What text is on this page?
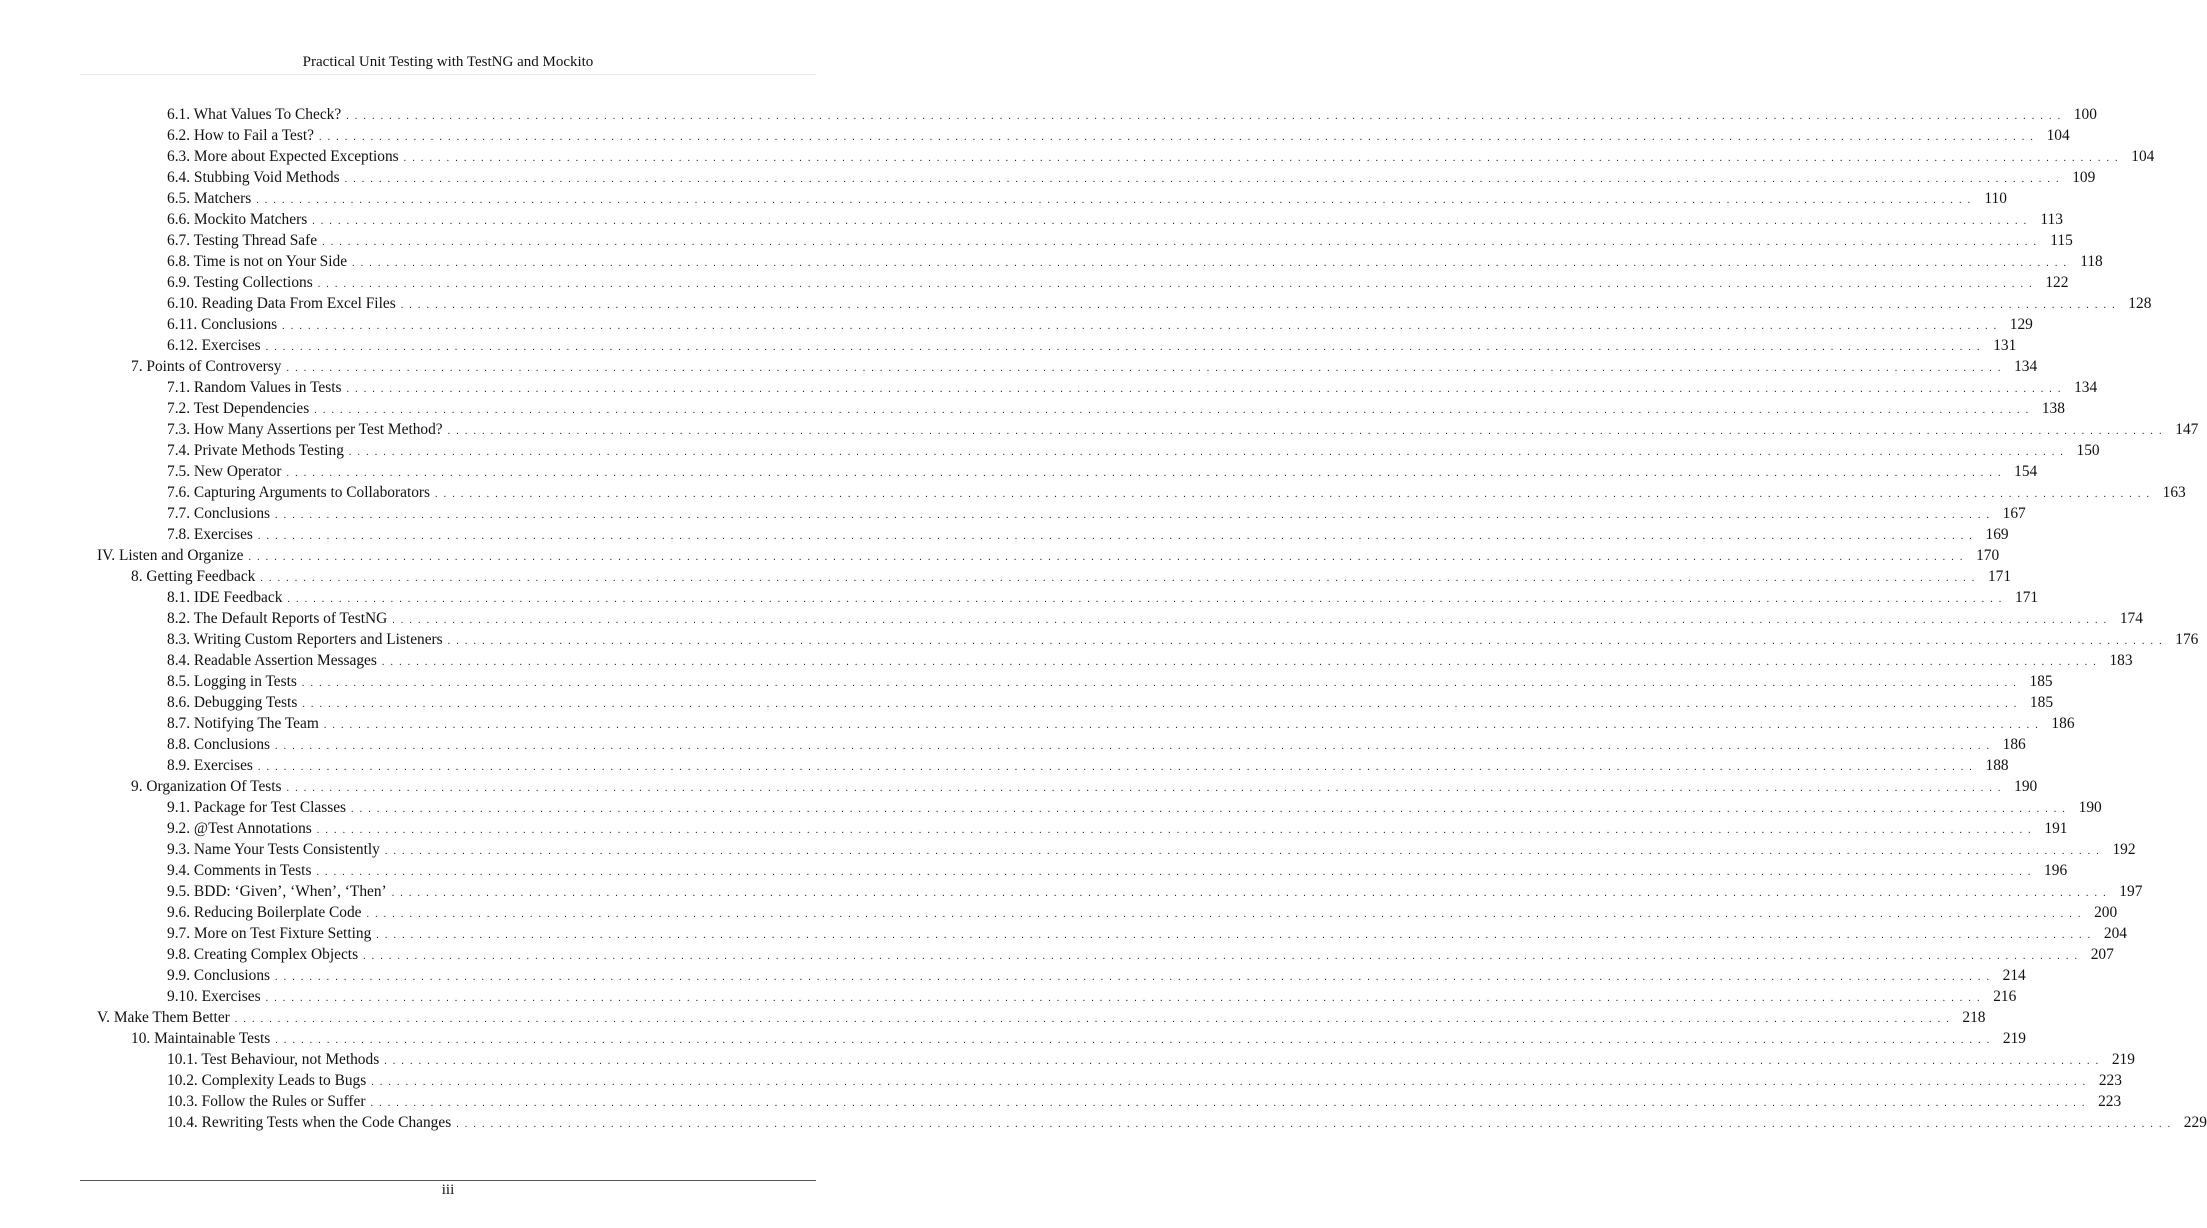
Practical Unit Testing with TestNG and Mockito
6.1. What Values To Check? . . . . . . . . . . . . . . . . . . . . . . . . . . . . . . . . . . . . . . . . . . . . . . . . . . . . . . . . . . . . . . . . . . . . . . . . . . . . . . . . . . . . . . . . . . . . . . . . . . . . . . . . . . . . . . . . . . . . . . . . . . . . . . . . . . . . . . . . . . . . . . . . . . . . . . . . . . . . . . . . . . . . . . . . . . . . . . . . . . . . . . . . . . . . . . . . . . . . . . . . 100
6.2. How to Fail a Test? . . . . . . . . . . . . . . . . . . . . . . . . . . . . . . . . . . . . . . . . . . . . . . . . . . . . . . . . . . . . . . . . . . . . . . . . . . . . . . . . . . . . . . . . . . . . . . . . . . . . . . . . . . . . . . . . . . . . . . . . . . . . . . . . . . . . . . . . . . . . . . . . . . . . . . . . . . . . . . . . . . . . . . . . . . . . . . . . . . . . . . . . . . . . . . . . . . . . . . . . 104
6.3. More about Expected Exceptions . . . . . . . . . . . . . . . . . . . . . . . . . . . . . . . . . . . . . . . . . . . . . . . . . . . . . . . . . . . . . . . . . . . . . . . . . . . . . . . . . . . . . . . . . . . . . . . . . . . . . . . . . . . . . . . . . . . . . . . . . . . . . . . . . . . . . . . . . . . . . . . . . . . . . . . . . . . . . . . . . . . . . . . . . . . . . . . . . . . . . . . . . . . . . . . . . . . . . . . . 104
6.4. Stubbing Void Methods . . . . . . . . . . . . . . . . . . . . . . . . . . . . . . . . . . . . . . . . . . . . . . . . . . . . . . . . . . . . . . . . . . . . . . . . . . . . . . . . . . . . . . . . . . . . . . . . . . . . . . . . . . . . . . . . . . . . . . . . . . . . . . . . . . . . . . . . . . . . . . . . . . . . . . . . . . . . . . . . . . . . . . . . . . . . . . . . . . . . . . . . . . . . . . . . . . . . . . . . 109
6.5. Matchers . . . . . . . . . . . . . . . . . . . . . . . . . . . . . . . . . . . . . . . . . . . . . . . . . . . . . . . . . . . . . . . . . . . . . . . . . . . . . . . . . . . . . . . . . . . . . . . . . . . . . . . . . . . . . . . . . . . . . . . . . . . . . . . . . . . . . . . . . . . . . . . . . . . . . . . . . . . . . . . . . . . . . . . . . . . . . . . . . . . . . . . . . . . . . . . . . . . . . . . . 110
6.6. Mockito Matchers . . . . . . . . . . . . . . . . . . . . . . . . . . . . . . . . . . . . . . . . . . . . . . . . . . . . . . . . . . . . . . . . . . . . . . . . . . . . . . . . . . . . . . . . . . . . . . . . . . . . . . . . . . . . . . . . . . . . . . . . . . . . . . . . . . . . . . . . . . . . . . . . . . . . . . . . . . . . . . . . . . . . . . . . . . . . . . . . . . . . . . . . . . . . . . . . . . . . . . . . 113
6.7. Testing Thread Safe . . . . . . . . . . . . . . . . . . . . . . . . . . . . . . . . . . . . . . . . . . . . . . . . . . . . . . . . . . . . . . . . . . . . . . . . . . . . . . . . . . . . . . . . . . . . . . . . . . . . . . . . . . . . . . . . . . . . . . . . . . . . . . . . . . . . . . . . . . . . . . . . . . . . . . . . . . . . . . . . . . . . . . . . . . . . . . . . . . . . . . . . . . . . . . . . . . . . . . . . 115
6.8. Time is not on Your Side . . . . . . . . . . . . . . . . . . . . . . . . . . . . . . . . . . . . . . . . . . . . . . . . . . . . . . . . . . . . . . . . . . . . . . . . . . . . . . . . . . . . . . . . . . . . . . . . . . . . . . . . . . . . . . . . . . . . . . . . . . . . . . . . . . . . . . . . . . . . . . . . . . . . . . . . . . . . . . . . . . . . . . . . . . . . . . . . . . . . . . . . . . . . . . . . . . . . . . . . 118
6.9. Testing Collections . . . . . . . . . . . . . . . . . . . . . . . . . . . . . . . . . . . . . . . . . . . . . . . . . . . . . . . . . . . . . . . . . . . . . . . . . . . . . . . . . . . . . . . . . . . . . . . . . . . . . . . . . . . . . . . . . . . . . . . . . . . . . . . . . . . . . . . . . . . . . . . . . . . . . . . . . . . . . . . . . . . . . . . . . . . . . . . . . . . . . . . . . . . . . . . . . . . . . . . . 122
6.10. Reading Data From Excel Files . . . . . . . . . . . . . . . . . . . . . . . . . . . . . . . . . . . . . . . . . . . . . . . . . . . . . . . . . . . . . . . . . . . . . . . . . . . . . . . . . . . . . . . . . . . . . . . . . . . . . . . . . . . . . . . . . . . . . . . . . . . . . . . . . . . . . . . . . . . . . . . . . . . . . . . . . . . . . . . . . . . . . . . . . . . . . . . . . . . . . . . . . . . . . . . . . . . . . . . . 128
6.11. Conclusions . . . . . . . . . . . . . . . . . . . . . . . . . . . . . . . . . . . . . . . . . . . . . . . . . . . . . . . . . . . . . . . . . . . . . . . . . . . . . . . . . . . . . . . . . . . . . . . . . . . . . . . . . . . . . . . . . . . . . . . . . . . . . . . . . . . . . . . . . . . . . . . . . . . . . . . . . . . . . . . . . . . . . . . . . . . . . . . . . . . . . . . . . . . . . . . . . . . . . . . . 129
6.12. Exercises . . . . . . . . . . . . . . . . . . . . . . . . . . . . . . . . . . . . . . . . . . . . . . . . . . . . . . . . . . . . . . . . . . . . . . . . . . . . . . . . . . . . . . . . . . . . . . . . . . . . . . . . . . . . . . . . . . . . . . . . . . . . . . . . . . . . . . . . . . . . . . . . . . . . . . . . . . . . . . . . . . . . . . . . . . . . . . . . . . . . . . . . . . . . . . . . . . . . . . . . 131
7. Points of Controversy . . . . . . . . . . . . . . . . . . . . . . . . . . . . . . . . . . . . . . . . . . . . . . . . . . . . . . . . . . . . . . . . . . . . . . . . . . . . . . . . . . . . . . . . . . . . . . . . . . . . . . . . . . . . . . . . . . . . . . . . . . . . . . . . . . . . . . . . . . . . . . . . . . . . . . . . . . . . . . . . . . . . . . . . . . . . . . . . . . . . . . . . . . . . . . . . . . . . . . . . 134
7.1. Random Values in Tests . . . . . . . . . . . . . . . . . . . . . . . . . . . . . . . . . . . . . . . . . . . . . . . . . . . . . . . . . . . . . . . . . . . . . . . . . . . . . . . . . . . . . . . . . . . . . . . . . . . . . . . . . . . . . . . . . . . . . . . . . . . . . . . . . . . . . . . . . . . . . . . . . . . . . . . . . . . . . . . . . . . . . . . . . . . . . . . . . . . . . . . . . . . . . . . . . . . . . . . . 134
7.2. Test Dependencies . . . . . . . . . . . . . . . . . . . . . . . . . . . . . . . . . . . . . . . . . . . . . . . . . . . . . . . . . . . . . . . . . . . . . . . . . . . . . . . . . . . . . . . . . . . . . . . . . . . . . . . . . . . . . . . . . . . . . . . . . . . . . . . . . . . . . . . . . . . . . . . . . . . . . . . . . . . . . . . . . . . . . . . . . . . . . . . . . . . . . . . . . . . . . . . . . . . . . . . . 138
7.3. How Many Assertions per Test Method? . . . . . . . . . . . . . . . . . . . . . . . . . . . . . . . . . . . . . . . . . . . . . . . . . . . . . . . . . . . . . . . . . . . . . . . . . . . . . . . . . . . . . . . . . . . . . . . . . . . . . . . . . . . . . . . . . . . . . . . . . . . . . . . . . . . . . . . . . . . . . . . . . . . . . . . . . . . . . . . . . . . . . . . . . . . . . . . . . . . . . . . . . . . . . . . . . . . . . . . . 147
7.4. Private Methods Testing . . . . . . . . . . . . . . . . . . . . . . . . . . . . . . . . . . . . . . . . . . . . . . . . . . . . . . . . . . . . . . . . . . . . . . . . . . . . . . . . . . . . . . . . . . . . . . . . . . . . . . . . . . . . . . . . . . . . . . . . . . . . . . . . . . . . . . . . . . . . . . . . . . . . . . . . . . . . . . . . . . . . . . . . . . . . . . . . . . . . . . . . . . . . . . . . . . . . . . . . 150
7.5. New Operator . . . . . . . . . . . . . . . . . . . . . . . . . . . . . . . . . . . . . . . . . . . . . . . . . . . . . . . . . . . . . . . . . . . . . . . . . . . . . . . . . . . . . . . . . . . . . . . . . . . . . . . . . . . . . . . . . . . . . . . . . . . . . . . . . . . . . . . . . . . . . . . . . . . . . . . . . . . . . . . . . . . . . . . . . . . . . . . . . . . . . . . . . . . . . . . . . . . . . . . . 154
7.6. Capturing Arguments to Collaborators . . . . . . . . . . . . . . . . . . . . . . . . . . . . . . . . . . . . . . . . . . . . . . . . . . . . . . . . . . . . . . . . . . . . . . . . . . . . . . . . . . . . . . . . . . . . . . . . . . . . . . . . . . . . . . . . . . . . . . . . . . . . . . . . . . . . . . . . . . . . . . . . . . . . . . . . . . . . . . . . . . . . . . . . . . . . . . . . . . . . . . . . . . . . . . . . . . . . . . . . 163
7.7. Conclusions . . . . . . . . . . . . . . . . . . . . . . . . . . . . . . . . . . . . . . . . . . . . . . . . . . . . . . . . . . . . . . . . . . . . . . . . . . . . . . . . . . . . . . . . . . . . . . . . . . . . . . . . . . . . . . . . . . . . . . . . . . . . . . . . . . . . . . . . . . . . . . . . . . . . . . . . . . . . . . . . . . . . . . . . . . . . . . . . . . . . . . . . . . . . . . . . . . . . . . . . 167
7.8. Exercises . . . . . . . . . . . . . . . . . . . . . . . . . . . . . . . . . . . . . . . . . . . . . . . . . . . . . . . . . . . . . . . . . . . . . . . . . . . . . . . . . . . . . . . . . . . . . . . . . . . . . . . . . . . . . . . . . . . . . . . . . . . . . . . . . . . . . . . . . . . . . . . . . . . . . . . . . . . . . . . . . . . . . . . . . . . . . . . . . . . . . . . . . . . . . . . . . . . . . . . . 169
IV. Listen and Organize . . . . . . . . . . . . . . . . . . . . . . . . . . . . . . . . . . . . . . . . . . . . . . . . . . . . . . . . . . . . . . . . . . . . . . . . . . . . . . . . . . . . . . . . . . . . . . . . . . . . . . . . . . . . . . . . . . . . . . . . . . . . . . . . . . . . . . . . . . . . . . . . . . . . . . . . . . . . . . . . . . . . . . . . . . . . . . . . . . . . . . . . . . . . . . . . . . . . . . . . 170
8. Getting Feedback . . . . . . . . . . . . . . . . . . . . . . . . . . . . . . . . . . . . . . . . . . . . . . . . . . . . . . . . . . . . . . . . . . . . . . . . . . . . . . . . . . . . . . . . . . . . . . . . . . . . . . . . . . . . . . . . . . . . . . . . . . . . . . . . . . . . . . . . . . . . . . . . . . . . . . . . . . . . . . . . . . . . . . . . . . . . . . . . . . . . . . . . . . . . . . . . . . . . . . . . 171
8.1. IDE Feedback . . . . . . . . . . . . . . . . . . . . . . . . . . . . . . . . . . . . . . . . . . . . . . . . . . . . . . . . . . . . . . . . . . . . . . . . . . . . . . . . . . . . . . . . . . . . . . . . . . . . . . . . . . . . . . . . . . . . . . . . . . . . . . . . . . . . . . . . . . . . . . . . . . . . . . . . . . . . . . . . . . . . . . . . . . . . . . . . . . . . . . . . . . . . . . . . . . . . . . . . 171
8.2. The Default Reports of TestNG . . . . . . . . . . . . . . . . . . . . . . . . . . . . . . . . . . . . . . . . . . . . . . . . . . . . . . . . . . . . . . . . . . . . . . . . . . . . . . . . . . . . . . . . . . . . . . . . . . . . . . . . . . . . . . . . . . . . . . . . . . . . . . . . . . . . . . . . . . . . . . . . . . . . . . . . . . . . . . . . . . . . . . . . . . . . . . . . . . . . . . . . . . . . . . . . . . . . . . . . 174
8.3. Writing Custom Reporters and Listeners . . . . . . . . . . . . . . . . . . . . . . . . . . . . . . . . . . . . . . . . . . . . . . . . . . . . . . . . . . . . . . . . . . . . . . . . . . . . . . . . . . . . . . . . . . . . . . . . . . . . . . . . . . . . . . . . . . . . . . . . . . . . . . . . . . . . . . . . . . . . . . . . . . . . . . . . . . . . . . . . . . . . . . . . . . . . . . . . . . . . . . . . . . . . . . . . . . . . . . . . 176
8.4. Readable Assertion Messages . . . . . . . . . . . . . . . . . . . . . . . . . . . . . . . . . . . . . . . . . . . . . . . . . . . . . . . . . . . . . . . . . . . . . . . . . . . . . . . . . . . . . . . . . . . . . . . . . . . . . . . . . . . . . . . . . . . . . . . . . . . . . . . . . . . . . . . . . . . . . . . . . . . . . . . . . . . . . . . . . . . . . . . . . . . . . . . . . . . . . . . . . . . . . . . . . . . . . . . . 183
8.5. Logging in Tests . . . . . . . . . . . . . . . . . . . . . . . . . . . . . . . . . . . . . . . . . . . . . . . . . . . . . . . . . . . . . . . . . . . . . . . . . . . . . . . . . . . . . . . . . . . . . . . . . . . . . . . . . . . . . . . . . . . . . . . . . . . . . . . . . . . . . . . . . . . . . . . . . . . . . . . . . . . . . . . . . . . . . . . . . . . . . . . . . . . . . . . . . . . . . . . . . . . . . . . . 185
8.6. Debugging Tests . . . . . . . . . . . . . . . . . . . . . . . . . . . . . . . . . . . . . . . . . . . . . . . . . . . . . . . . . . . . . . . . . . . . . . . . . . . . . . . . . . . . . . . . . . . . . . . . . . . . . . . . . . . . . . . . . . . . . . . . . . . . . . . . . . . . . . . . . . . . . . . . . . . . . . . . . . . . . . . . . . . . . . . . . . . . . . . . . . . . . . . . . . . . . . . . . . . . . . . . 185
8.7. Notifying The Team . . . . . . . . . . . . . . . . . . . . . . . . . . . . . . . . . . . . . . . . . . . . . . . . . . . . . . . . . . . . . . . . . . . . . . . . . . . . . . . . . . . . . . . . . . . . . . . . . . . . . . . . . . . . . . . . . . . . . . . . . . . . . . . . . . . . . . . . . . . . . . . . . . . . . . . . . . . . . . . . . . . . . . . . . . . . . . . . . . . . . . . . . . . . . . . . . . . . . . . . 186
8.8. Conclusions . . . . . . . . . . . . . . . . . . . . . . . . . . . . . . . . . . . . . . . . . . . . . . . . . . . . . . . . . . . . . . . . . . . . . . . . . . . . . . . . . . . . . . . . . . . . . . . . . . . . . . . . . . . . . . . . . . . . . . . . . . . . . . . . . . . . . . . . . . . . . . . . . . . . . . . . . . . . . . . . . . . . . . . . . . . . . . . . . . . . . . . . . . . . . . . . . . . . . . . . 186
8.9. Exercises . . . . . . . . . . . . . . . . . . . . . . . . . . . . . . . . . . . . . . . . . . . . . . . . . . . . . . . . . . . . . . . . . . . . . . . . . . . . . . . . . . . . . . . . . . . . . . . . . . . . . . . . . . . . . . . . . . . . . . . . . . . . . . . . . . . . . . . . . . . . . . . . . . . . . . . . . . . . . . . . . . . . . . . . . . . . . . . . . . . . . . . . . . . . . . . . . . . . . . . . 188
9. Organization Of Tests . . . . . . . . . . . . . . . . . . . . . . . . . . . . . . . . . . . . . . . . . . . . . . . . . . . . . . . . . . . . . . . . . . . . . . . . . . . . . . . . . . . . . . . . . . . . . . . . . . . . . . . . . . . . . . . . . . . . . . . . . . . . . . . . . . . . . . . . . . . . . . . . . . . . . . . . . . . . . . . . . . . . . . . . . . . . . . . . . . . . . . . . . . . . . . . . . . . . . . . . 190
9.1. Package for Test Classes . . . . . . . . . . . . . . . . . . . . . . . . . . . . . . . . . . . . . . . . . . . . . . . . . . . . . . . . . . . . . . . . . . . . . . . . . . . . . . . . . . . . . . . . . . . . . . . . . . . . . . . . . . . . . . . . . . . . . . . . . . . . . . . . . . . . . . . . . . . . . . . . . . . . . . . . . . . . . . . . . . . . . . . . . . . . . . . . . . . . . . . . . . . . . . . . . . . . . . . . 190
9.2. @Test Annotations . . . . . . . . . . . . . . . . . . . . . . . . . . . . . . . . . . . . . . . . . . . . . . . . . . . . . . . . . . . . . . . . . . . . . . . . . . . . . . . . . . . . . . . . . . . . . . . . . . . . . . . . . . . . . . . . . . . . . . . . . . . . . . . . . . . . . . . . . . . . . . . . . . . . . . . . . . . . . . . . . . . . . . . . . . . . . . . . . . . . . . . . . . . . . . . . . . . . . . . . 191
9.3. Name Your Tests Consistently . . . . . . . . . . . . . . . . . . . . . . . . . . . . . . . . . . . . . . . . . . . . . . . . . . . . . . . . . . . . . . . . . . . . . . . . . . . . . . . . . . . . . . . . . . . . . . . . . . . . . . . . . . . . . . . . . . . . . . . . . . . . . . . . . . . . . . . . . . . . . . . . . . . . . . . . . . . . . . . . . . . . . . . . . . . . . . . . . . . . . . . . . . . . . . . . . . . . . . . . 192
9.4. Comments in Tests . . . . . . . . . . . . . . . . . . . . . . . . . . . . . . . . . . . . . . . . . . . . . . . . . . . . . . . . . . . . . . . . . . . . . . . . . . . . . . . . . . . . . . . . . . . . . . . . . . . . . . . . . . . . . . . . . . . . . . . . . . . . . . . . . . . . . . . . . . . . . . . . . . . . . . . . . . . . . . . . . . . . . . . . . . . . . . . . . . . . . . . . . . . . . . . . . . . . . . . . 196
9.5. BDD: ‘Given’, ‘When’, ‘Then’ . . . . . . . . . . . . . . . . . . . . . . . . . . . . . . . . . . . . . . . . . . . . . . . . . . . . . . . . . . . . . . . . . . . . . . . . . . . . . . . . . . . . . . . . . . . . . . . . . . . . . . . . . . . . . . . . . . . . . . . . . . . . . . . . . . . . . . . . . . . . . . . . . . . . . . . . . . . . . . . . . . . . . . . . . . . . . . . . . . . . . . . . . . . . . . . . . . . . . . . . 197
9.6. Reducing Boilerplate Code . . . . . . . . . . . . . . . . . . . . . . . . . . . . . . . . . . . . . . . . . . . . . . . . . . . . . . . . . . . . . . . . . . . . . . . . . . . . . . . . . . . . . . . . . . . . . . . . . . . . . . . . . . . . . . . . . . . . . . . . . . . . . . . . . . . . . . . . . . . . . . . . . . . . . . . . . . . . . . . . . . . . . . . . . . . . . . . . . . . . . . . . . . . . . . . . . . . . . . . . 200
9.7. More on Test Fixture Setting . . . . . . . . . . . . . . . . . . . . . . . . . . . . . . . . . . . . . . . . . . . . . . . . . . . . . . . . . . . . . . . . . . . . . . . . . . . . . . . . . . . . . . . . . . . . . . . . . . . . . . . . . . . . . . . . . . . . . . . . . . . . . . . . . . . . . . . . . . . . . . . . . . . . . . . . . . . . . . . . . . . . . . . . . . . . . . . . . . . . . . . . . . . . . . . . . . . . . . . . 204
9.8. Creating Complex Objects . . . . . . . . . . . . . . . . . . . . . . . . . . . . . . . . . . . . . . . . . . . . . . . . . . . . . . . . . . . . . . . . . . . . . . . . . . . . . . . . . . . . . . . . . . . . . . . . . . . . . . . . . . . . . . . . . . . . . . . . . . . . . . . . . . . . . . . . . . . . . . . . . . . . . . . . . . . . . . . . . . . . . . . . . . . . . . . . . . . . . . . . . . . . . . . . . . . . . . . . 207
9.9. Conclusions . . . . . . . . . . . . . . . . . . . . . . . . . . . . . . . . . . . . . . . . . . . . . . . . . . . . . . . . . . . . . . . . . . . . . . . . . . . . . . . . . . . . . . . . . . . . . . . . . . . . . . . . . . . . . . . . . . . . . . . . . . . . . . . . . . . . . . . . . . . . . . . . . . . . . . . . . . . . . . . . . . . . . . . . . . . . . . . . . . . . . . . . . . . . . . . . . . . . . . . . 214
9.10. Exercises . . . . . . . . . . . . . . . . . . . . . . . . . . . . . . . . . . . . . . . . . . . . . . . . . . . . . . . . . . . . . . . . . . . . . . . . . . . . . . . . . . . . . . . . . . . . . . . . . . . . . . . . . . . . . . . . . . . . . . . . . . . . . . . . . . . . . . . . . . . . . . . . . . . . . . . . . . . . . . . . . . . . . . . . . . . . . . . . . . . . . . . . . . . . . . . . . . . . . . . . 216
V. Make Them Better . . . . . . . . . . . . . . . . . . . . . . . . . . . . . . . . . . . . . . . . . . . . . . . . . . . . . . . . . . . . . . . . . . . . . . . . . . . . . . . . . . . . . . . . . . . . . . . . . . . . . . . . . . . . . . . . . . . . . . . . . . . . . . . . . . . . . . . . . . . . . . . . . . . . . . . . . . . . . . . . . . . . . . . . . . . . . . . . . . . . . . . . . . . . . . . . . . . . . . . . 218
10. Maintainable Tests . . . . . . . . . . . . . . . . . . . . . . . . . . . . . . . . . . . . . . . . . . . . . . . . . . . . . . . . . . . . . . . . . . . . . . . . . . . . . . . . . . . . . . . . . . . . . . . . . . . . . . . . . . . . . . . . . . . . . . . . . . . . . . . . . . . . . . . . . . . . . . . . . . . . . . . . . . . . . . . . . . . . . . . . . . . . . . . . . . . . . . . . . . . . . . . . . . . . . . . . 219
10.1. Test Behaviour, not Methods . . . . . . . . . . . . . . . . . . . . . . . . . . . . . . . . . . . . . . . . . . . . . . . . . . . . . . . . . . . . . . . . . . . . . . . . . . . . . . . . . . . . . . . . . . . . . . . . . . . . . . . . . . . . . . . . . . . . . . . . . . . . . . . . . . . . . . . . . . . . . . . . . . . . . . . . . . . . . . . . . . . . . . . . . . . . . . . . . . . . . . . . . . . . . . . . . . . . . . . . 219
10.2. Complexity Leads to Bugs . . . . . . . . . . . . . . . . . . . . . . . . . . . . . . . . . . . . . . . . . . . . . . . . . . . . . . . . . . . . . . . . . . . . . . . . . . . . . . . . . . . . . . . . . . . . . . . . . . . . . . . . . . . . . . . . . . . . . . . . . . . . . . . . . . . . . . . . . . . . . . . . . . . . . . . . . . . . . . . . . . . . . . . . . . . . . . . . . . . . . . . . . . . . . . . . . . . . . . . . 223
10.3. Follow the Rules or Suffer . . . . . . . . . . . . . . . . . . . . . . . . . . . . . . . . . . . . . . . . . . . . . . . . . . . . . . . . . . . . . . . . . . . . . . . . . . . . . . . . . . . . . . . . . . . . . . . . . . . . . . . . . . . . . . . . . . . . . . . . . . . . . . . . . . . . . . . . . . . . . . . . . . . . . . . . . . . . . . . . . . . . . . . . . . . . . . . . . . . . . . . . . . . . . . . . . . . . . . . . 223
10.4. Rewriting Tests when the Code Changes . . . . . . . . . . . . . . . . . . . . . . . . . . . . . . . . . . . . . . . . . . . . . . . . . . . . . . . . . . . . . . . . . . . . . . . . . . . . . . . . . . . . . . . . . . . . . . . . . . . . . . . . . . . . . . . . . . . . . . . . . . . . . . . . . . . . . . . . . . . . . . . . . . . . . . . . . . . . . . . . . . . . . . . . . . . . . . . . . . . . . . . . . . . . . . . . . . . . . . . . 229
iii
